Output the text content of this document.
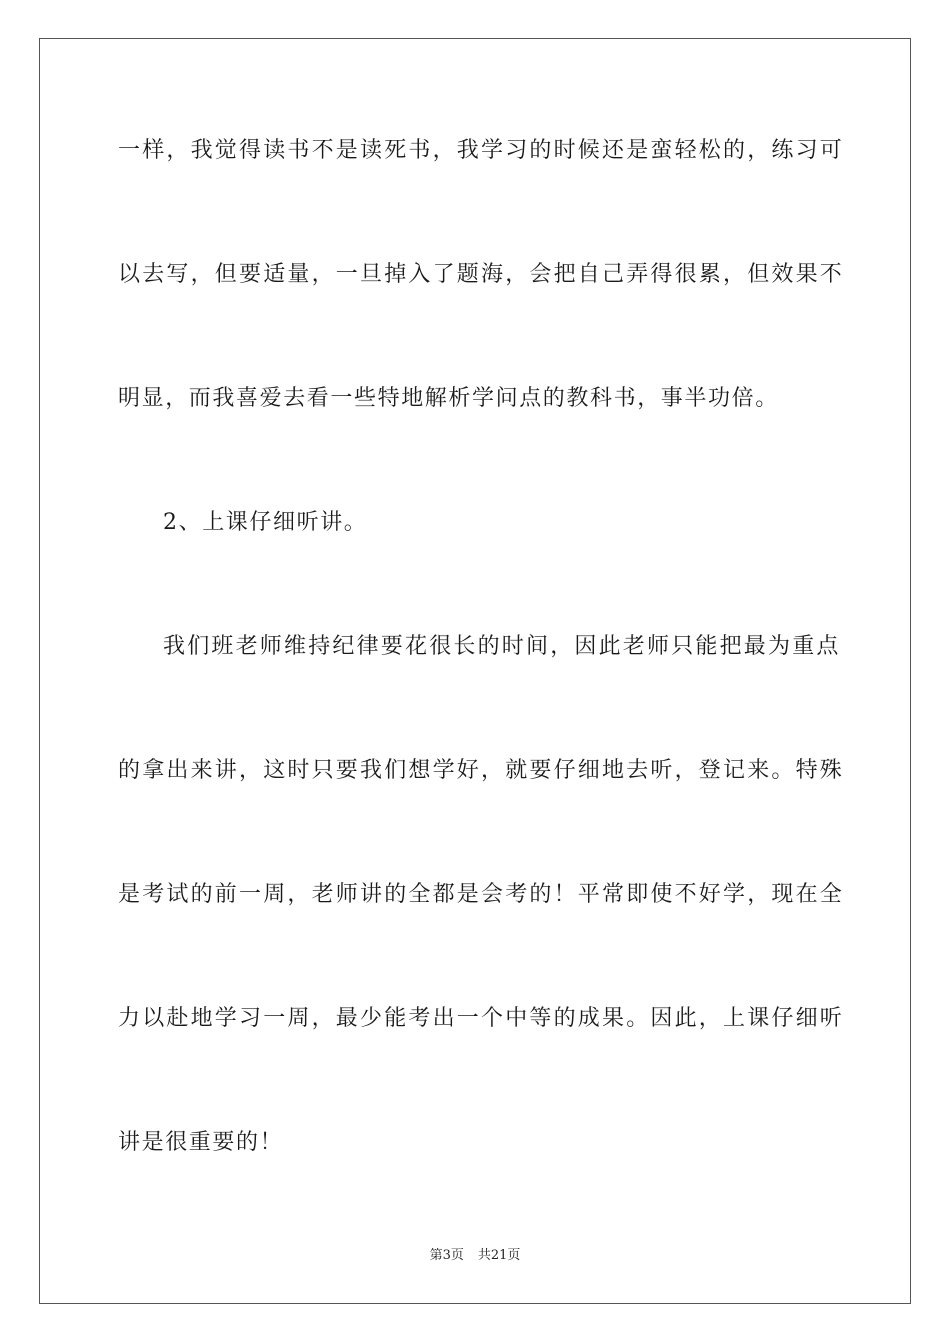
一样，我觉得读书不是读死书，我学习的时候还是蛮轻松的，练习可
以去写，但要适量，一旦掉入了题海，会把自己弄得很累，但效果不
明显，而我喜爱去看一些特地解析学问点的教科书，事半功倍。
2、上课仔细听讲。
我们班老师维持纪律要花很长的时间，因此老师只能把最为重点
的拿出来讲，这时只要我们想学好，就要仔细地去听，登记来。特殊
是考试的前一周，老师讲的全都是会考的！平常即使不好学，现在全
力以赴地学习一周，最少能考出一个中等的成果。因此，上课仔细听
讲是很重要的！
第3页 共21页
